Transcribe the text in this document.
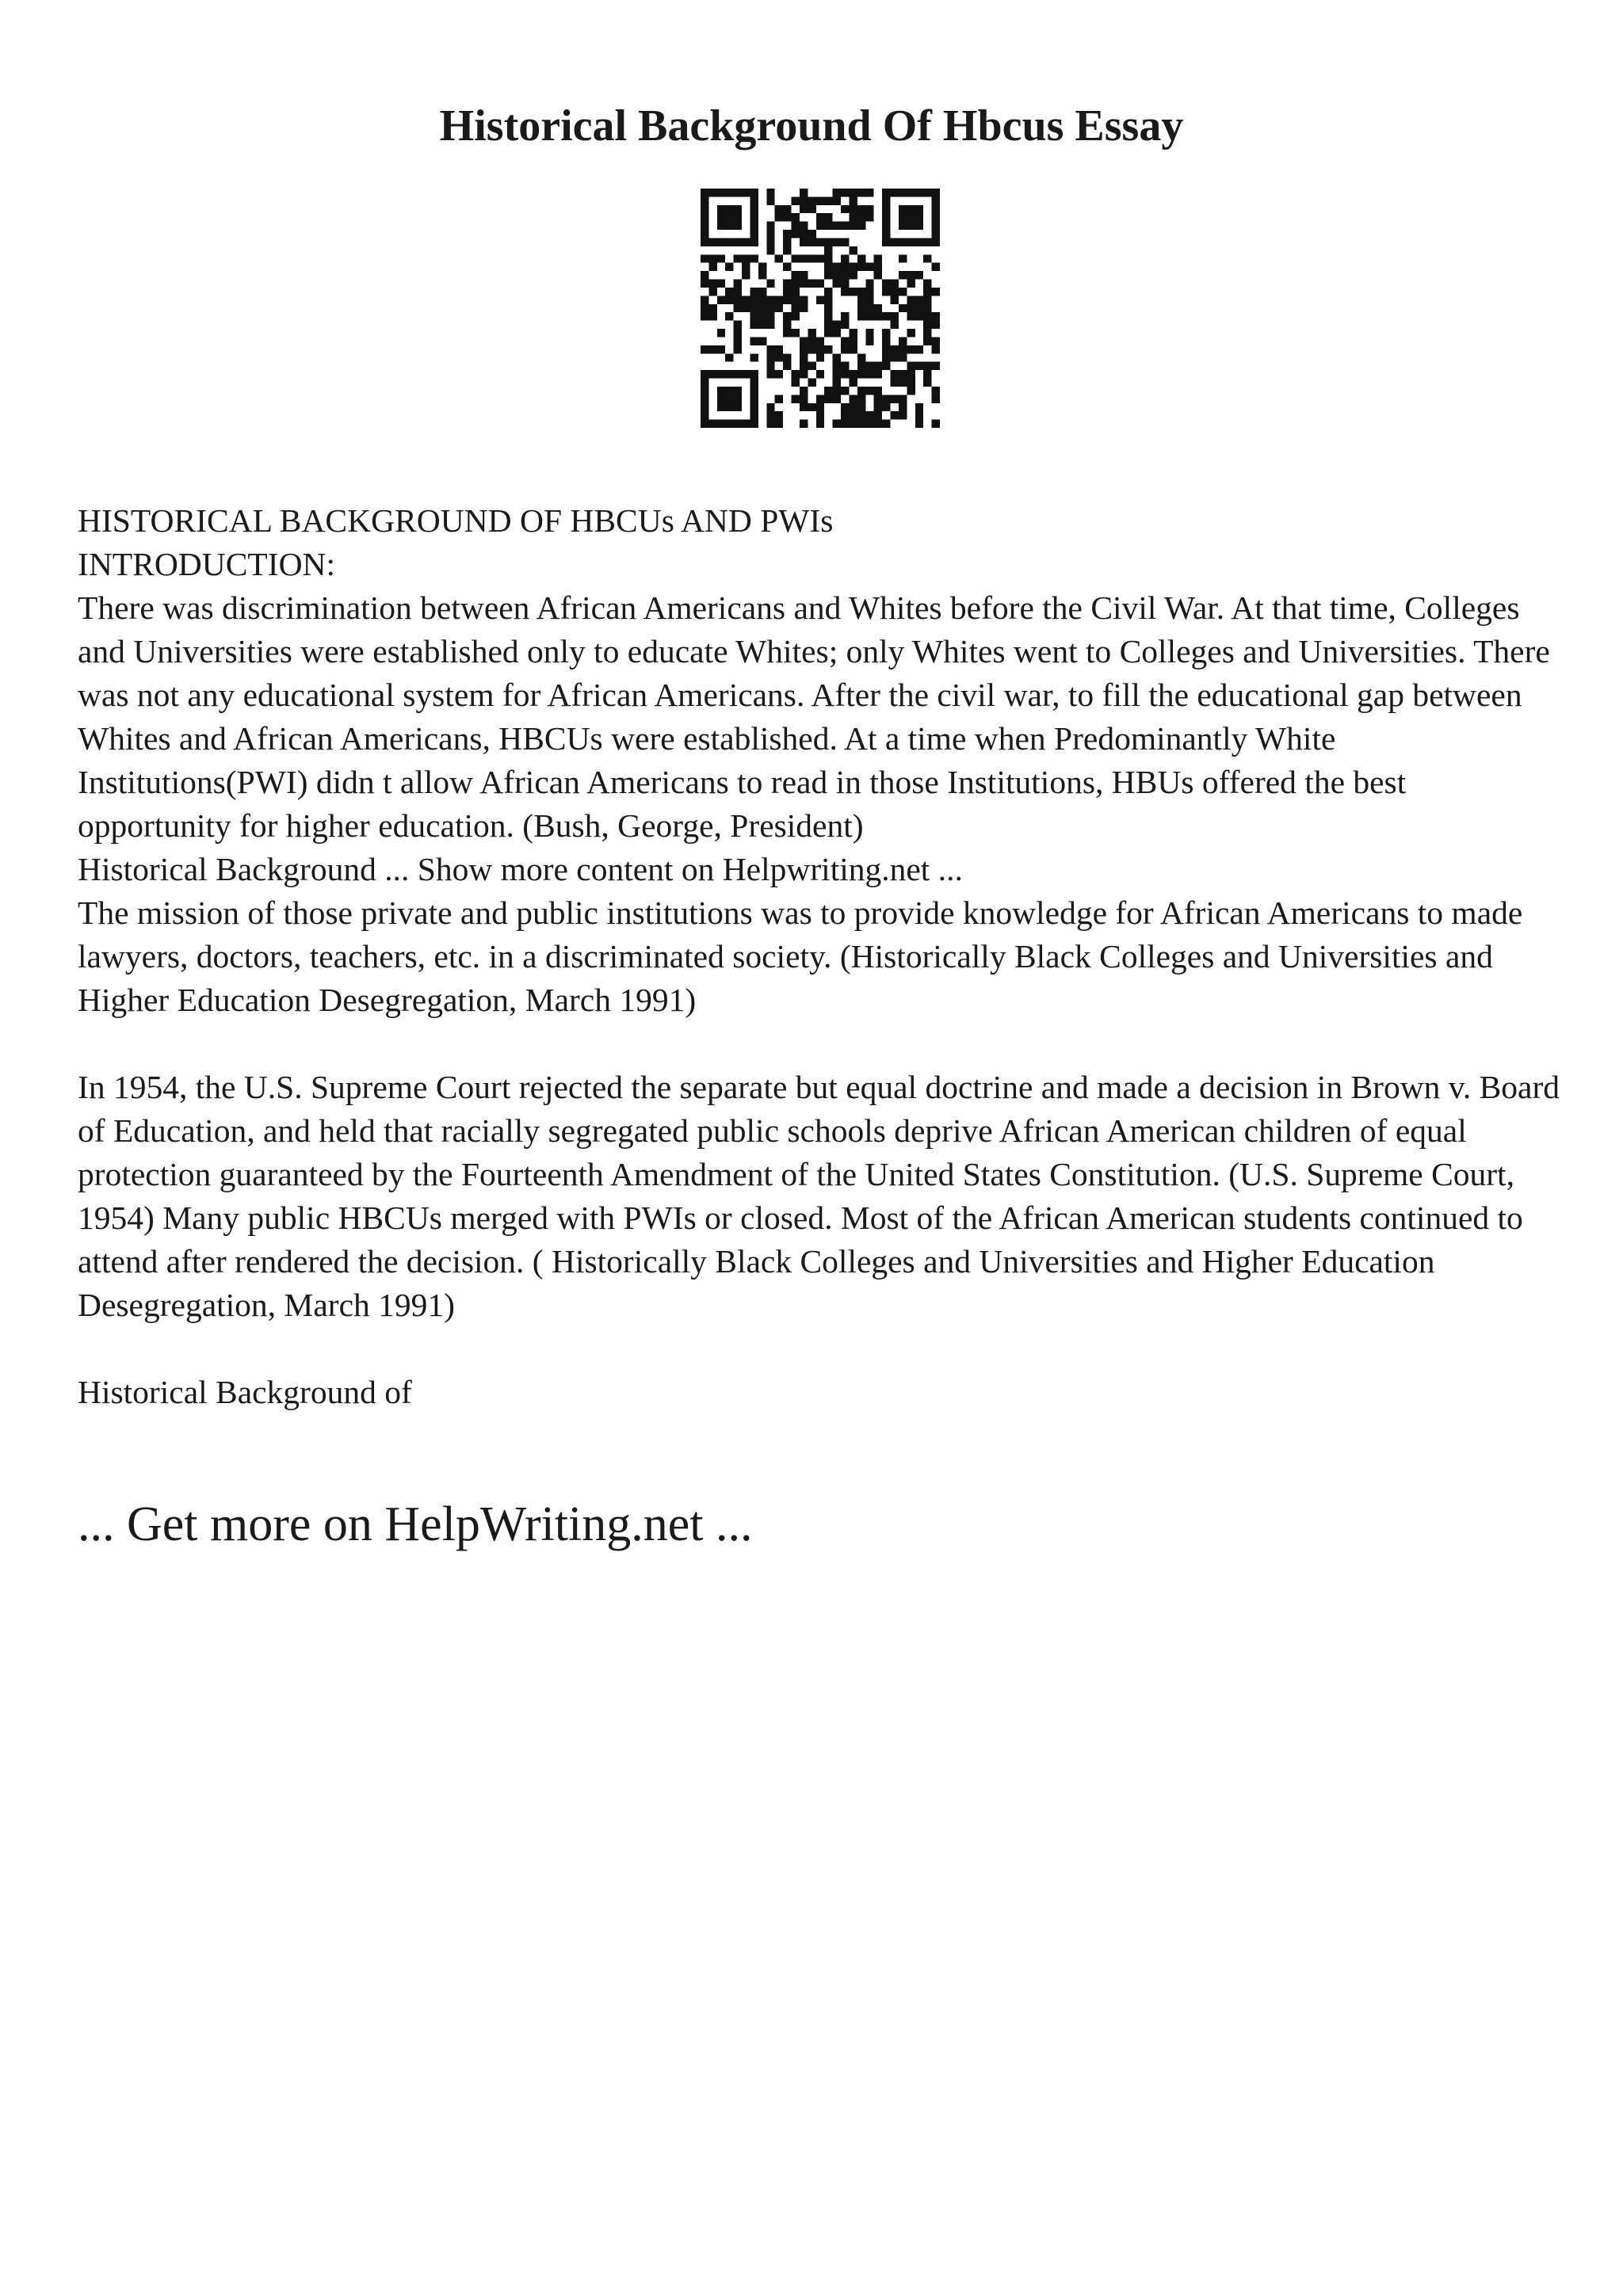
Historical Background Of Hbcus Essay

HISTORICAL BACKGROUND OF HBCUs AND PWIs

INTRODUCTION:

There was discrimination between African Americans and Whites before the Civil War. At that time, Colleges and Universities were established only to educate Whites; only Whites went to Colleges and Universities. There was not any educational system for African Americans. After the civil war, to fill the educational gap between Whites and African Americans, HBCUs were established. At a time when Predominantly White Institutions(PWI) didn t allow African Americans to read in those Institutions, HBUs offered the best opportunity for higher education. (Bush, George, President)

Historical Background ... Show more content on Helpwriting.net ...

The mission of those private and public institutions was to provide knowledge for African Americans to made lawyers, doctors, teachers, etc. in a discriminated society. (Historically Black Colleges and Universities and Higher Education Desegregation, March 1991)

In 1954, the U.S. Supreme Court rejected the separate but equal doctrine and made a decision in Brown v. Board of Education, and held that racially segregated public schools deprive African American children of equal protection guaranteed by the Fourteenth Amendment of the United States Constitution. (U.S. Supreme Court, 1954) Many public HBCUs merged with PWIs or closed. Most of the African American students continued to attend after rendered the decision. ( Historically Black Colleges and Universities and Higher Education Desegregation, March 1991)

Historical Background of

... Get more on HelpWriting.net ...
